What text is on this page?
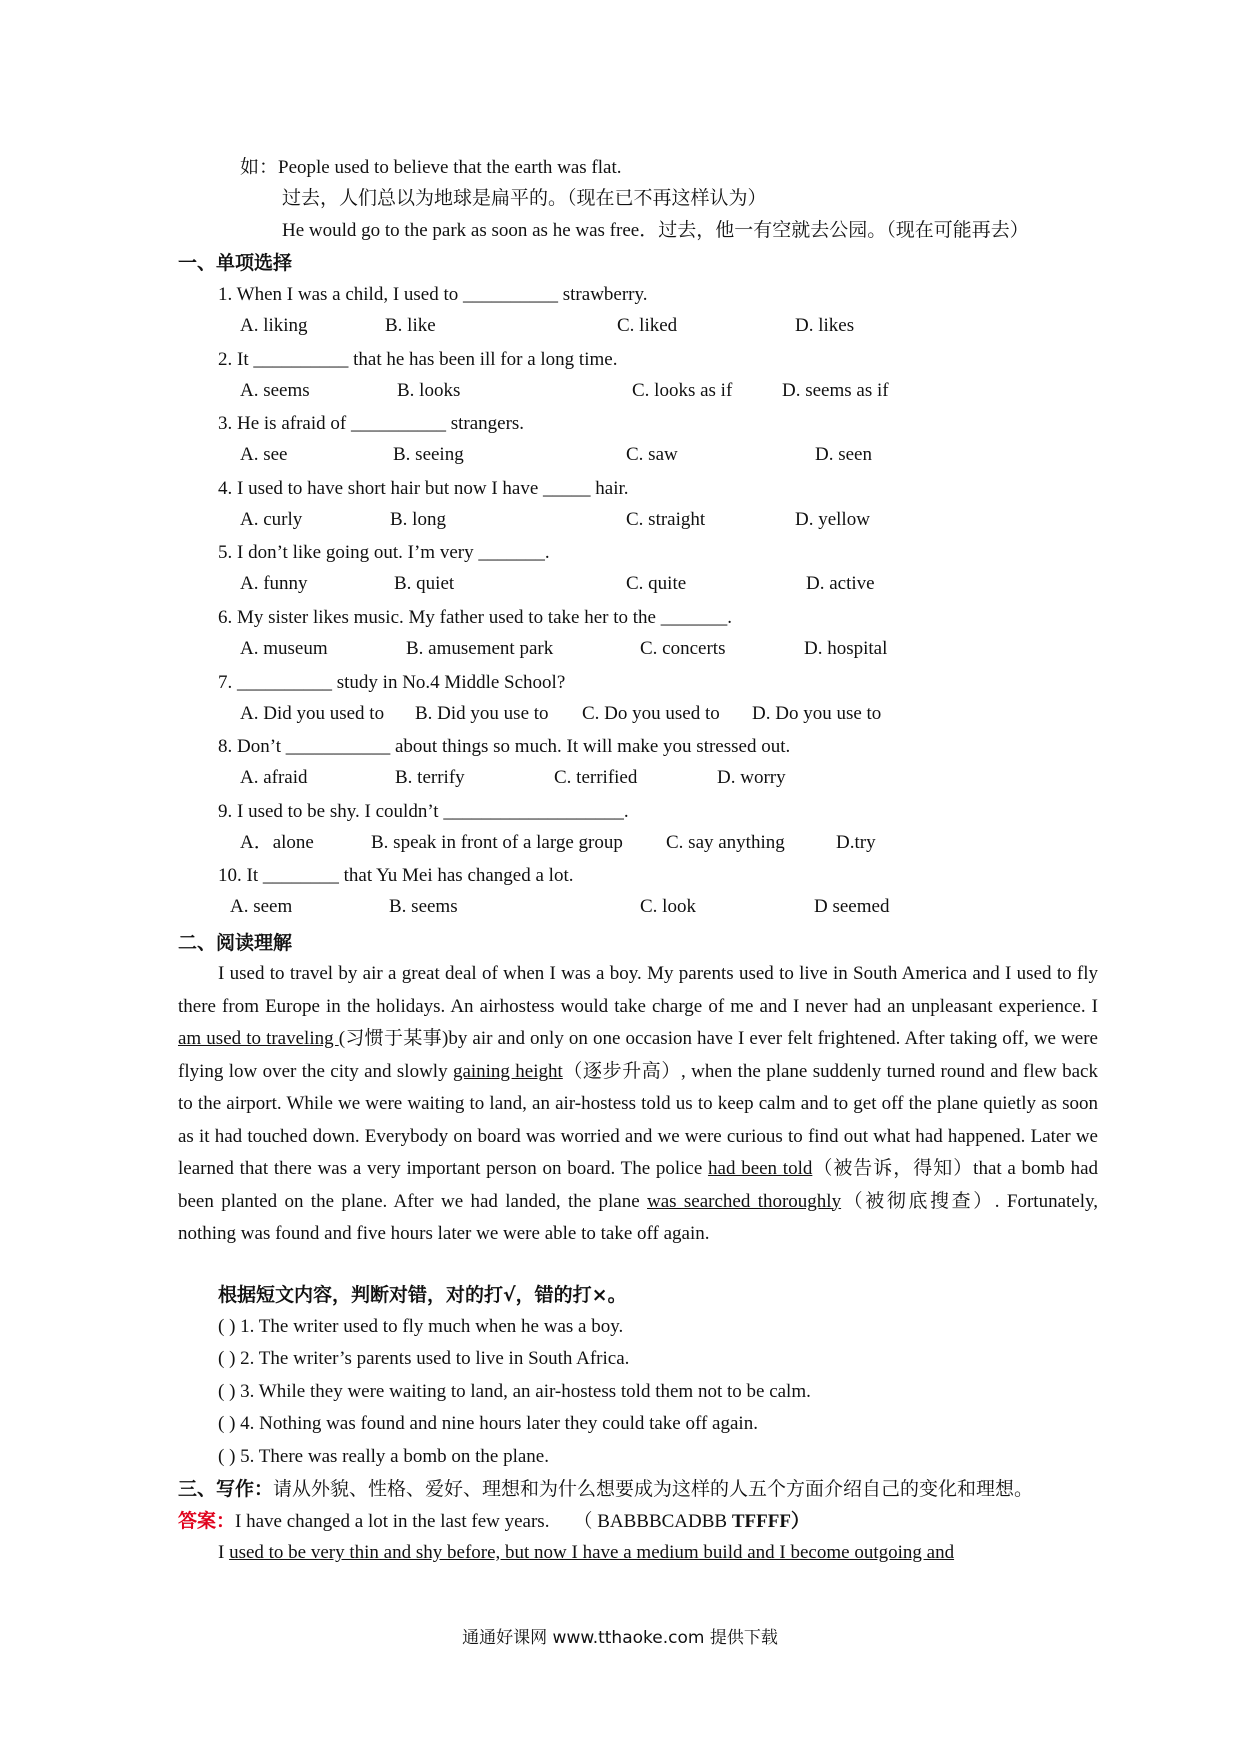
如：People used to believe that the earth was flat.
过去，人们总以为地球是扁平的。（现在已不再这样认为）
He would go to the park as soon as he was free．过去，他一有空就去公园。（现在可能再去）
一、单项选择
1. When I was a child, I used to __________ strawberry.
A. liking	B. like	C. liked	D. likes
2. It __________ that he has been ill for a long time.
A. seems	B. looks	C. looks as if	D. seems as if
3. He is afraid of __________ strangers.
A. see	B. seeing	C. saw	D. seen
4. I used to have short hair but now I have _____ hair.
A. curly	B. long	C. straight	D. yellow
5. I don’t like going out. I’m very _______.
A. funny	B. quiet	C. quite	D. active
6. My sister likes music. My father used to take her to the _______.
A. museum	B. amusement park	C. concerts	D. hospital
7. __________ study in No.4 Middle School?
A. Did you used to B. Did you use to C. Do you used to D. Do you use to
8. Don’t ___________ about things so much. It will make you stressed out.
A. afraid	B. terrify	C. terrified	D. worry
9. I used to be shy. I couldn’t ___________________.
A．alone	B. speak in front of a large group C. say anything	D.try
10. It ________ that Yu Mei has changed a lot.
A. seem	B. seems	C. look	D seemed
二、阅读理解
I used to travel by air a great deal of when I was a boy. My parents used to live in South America and I used to fly there from Europe in the holidays. An airhostess would take charge of me and I never had an unpleasant experience. I am used to traveling (习惯于某事)by air and only on one occasion have I ever felt frightened. After taking off, we were flying low over the city and slowly gaining height（逐步升高）, when the plane suddenly turned round and flew back to the airport. While we were waiting to land, an air-hostess told us to keep calm and to get off the plane quietly as soon as it had touched down. Everybody on board was worried and we were curious to find out what had happened. Later we learned that there was a very important person on board. The police had been told（被告诉，得知）that a bomb had been planted on the plane. After we had landed, the plane was searched thoroughly（被彻底搜查）. Fortunately, nothing was found and five hours later we were able to take off again.
根据短文内容，判断对错，对的打√，错的打×。
( ) 1. The writer used to fly much when he was a boy.
( ) 2. The writer’s parents used to live in South Africa.
( ) 3. While they were waiting to land, an air-hostess told them not to be calm.
( ) 4. Nothing was found and nine hours later they could take off again.
( ) 5. There was really a bomb on the plane.
三、写作：请从外貌、性格、爱好、理想和为什么想要成为这样的人五个方面介绍自己的变化和理想。
答案：I have changed a lot in the last few years. （ BABBBCADBB TFFFF）
I used to be very thin and shy before, but now I have a medium build and I become outgoing and
通通好课网 www.tthaoke.com 提供下载
